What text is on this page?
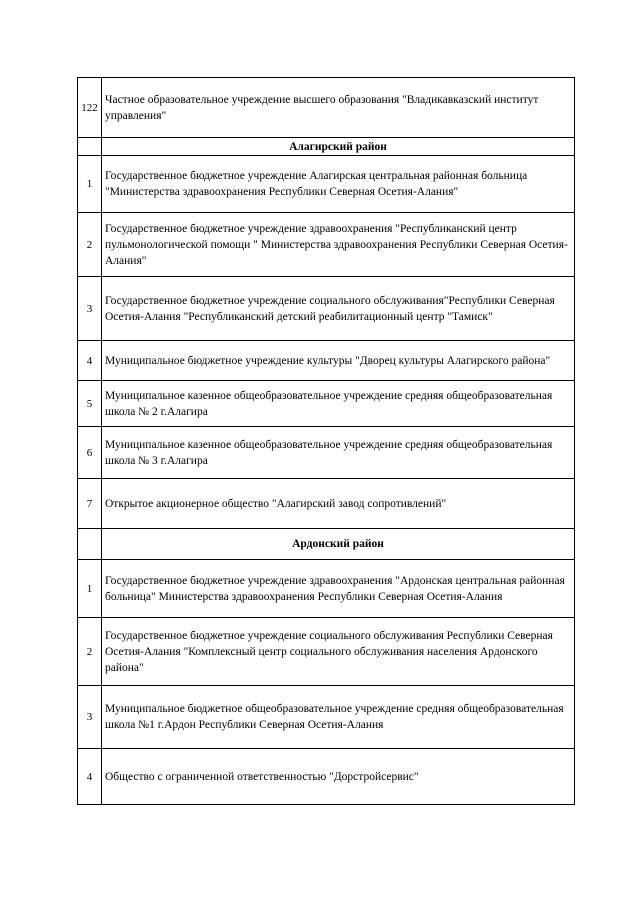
122	Частное образовательное учреждение высшего образования "Владикавказский институт управления"
	Алагирский район
1	Государственное бюджетное учреждение Алагирская центральная районная больница "Министерства здравоохранения Республики Северная Осетия-Алания"
2	Государственное бюджетное учреждение здравоохранения "Республиканский центр пульмонологической помощи " Министерства здравоохранения Республики Северная Осетия-Алания"
3	Государственное бюджетное учреждение социального обслуживания"Республики Северная Осетия-Алания "Республиканский детский реабилитационный центр "Тамиск"
4	Муниципальное бюджетное учреждение культуры "Дворец культуры Алагирского района"
5	Муниципальное казенное общеобразовательное учреждение средняя общеобразовательная школа № 2 г.Алагира
6	Муниципальное казенное общеобразовательное учреждение средняя общеобразовательная школа № 3 г.Алагира
7	Открытое акционерное общество "Алагирский завод сопротивлений"
	Ардонский район
1	Государственное бюджетное учреждение здравоохранения "Ардонская центральная районная больница" Министерства здравоохранения Республики Северная Осетия-Алания
2	Государственное бюджетное учреждение социального обслуживания Республики Северная Осетия-Алания "Комплексный центр социального обслуживания населения Ардонского района"
3	Муниципальное бюджетное общеобразовательное учреждение средняя общеобразовательная школа №1 г.Ардон Республики Северная Осетия-Алания
4	Общество с ограниченной ответственностью "Дорстройсервис"
